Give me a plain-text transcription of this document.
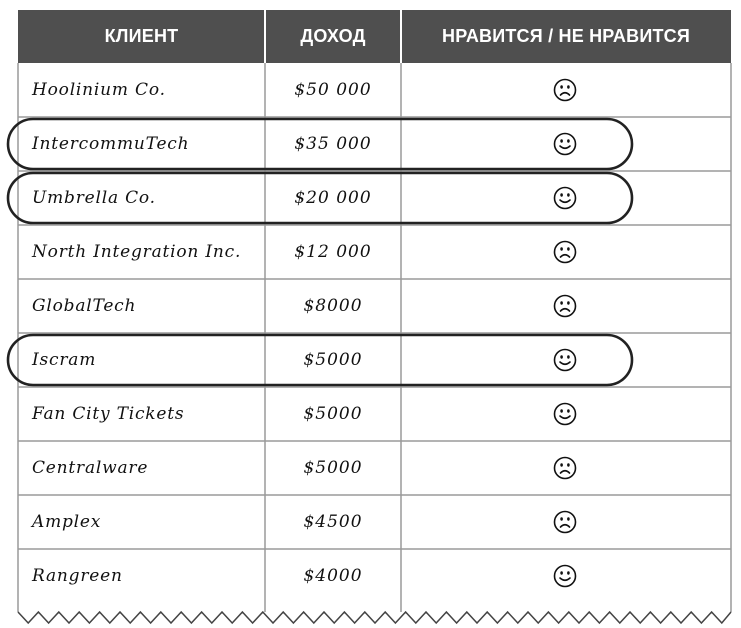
КЛИЕНТ	ДОХОД	НРАВИТСЯ / НЕ НРАВИТСЯ
Hoolinium Co.	$50 000
IntercommuTech	$35 000
Umbrella Co.	$20 000
North Integration Inc.	$12 000
GlobalTech	$8000
Iscram	$5000
Fan City Tickets	$5000
Centralware	$5000
Amplex	$4500
Rangreen	$4000
